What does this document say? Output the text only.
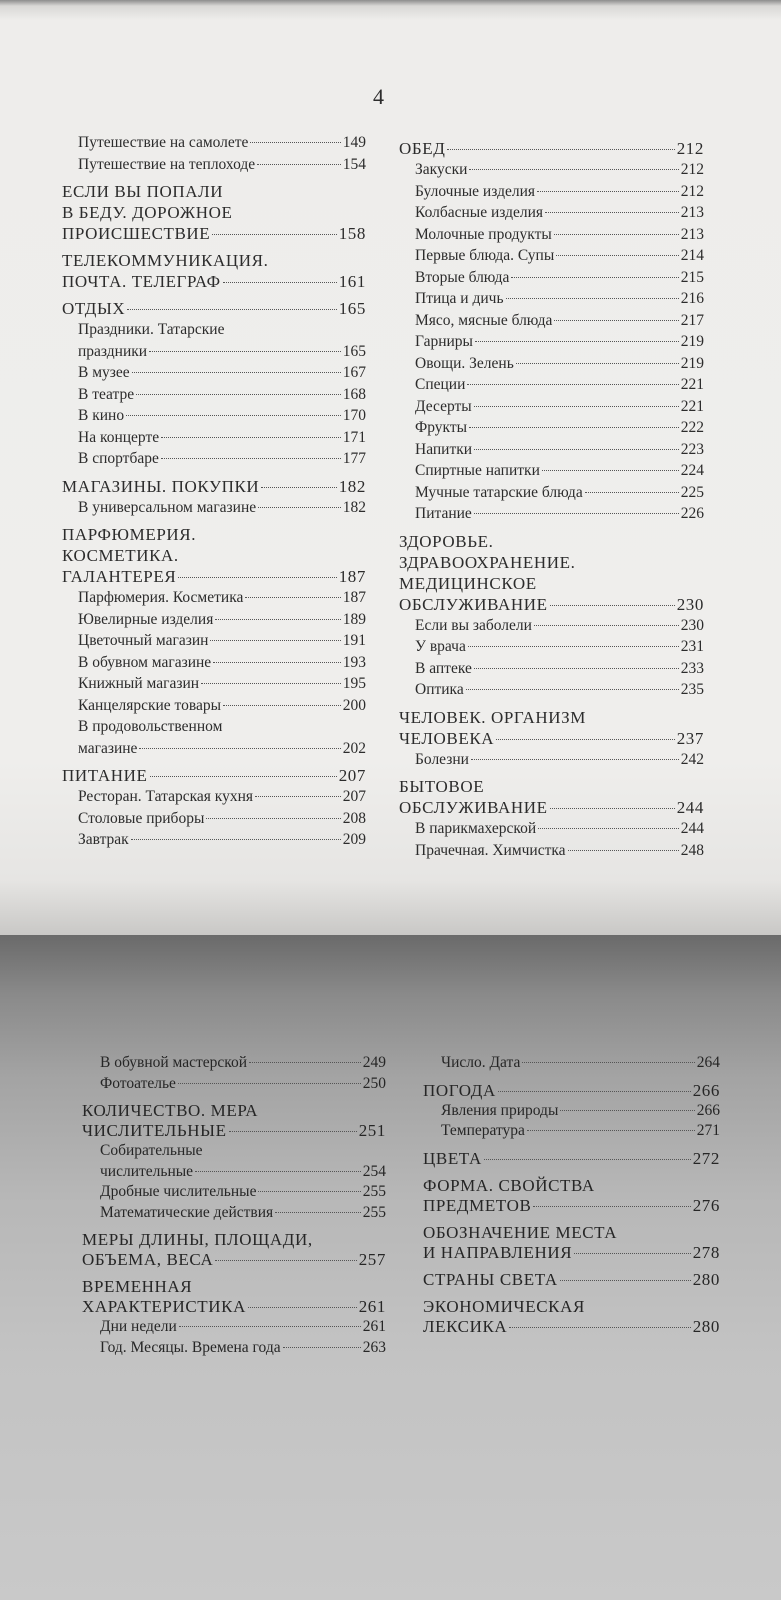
4
Путешествие на самолете	149
Путешествие на теплоходе	154
ЕСЛИ ВЫ ПОПАЛИ
В БЕДУ. ДОРОЖНОЕ
ПРОИСШЕСТВИЕ	158
ТЕЛЕКОММУНИКАЦИЯ.
ПОЧТА. ТЕЛЕГРАФ	161
ОТДЫХ	165
Праздники. Татарские
праздники	165
В музее	167
В театре	168
В кино	170
На концерте	171
В спортбаре	177
МАГАЗИНЫ. ПОКУПКИ	182
В универсальном магазине	182
ПАРФЮМЕРИЯ.
КОСМЕТИКА.
ГАЛАНТЕРЕЯ	187
Парфюмерия. Косметика	187
Ювелирные изделия	189
Цветочный магазин	191
В обувном магазине	193
Книжный магазин	195
Канцелярские товары	200
В продовольственном
магазине	202
ПИТАНИЕ	207
Ресторан. Татарская кухня	207
Столовые приборы	208
Завтрак	209
ОБЕД	212
Закуски	212
Булочные изделия	212
Колбасные изделия	213
Молочные продукты	213
Первые блюда. Супы	214
Вторые блюда	215
Птица и дичь	216
Мясо, мясные блюда	217
Гарниры	219
Овощи. Зелень	219
Специи	221
Десерты	221
Фрукты	222
Напитки	223
Спиртные напитки	224
Мучные татарские блюда	225
Питание	226
ЗДОРОВЬЕ.
ЗДРАВООХРАНЕНИЕ.
МЕДИЦИНСКОЕ
ОБСЛУЖИВАНИЕ	230
Если вы заболели	230
У врача	231
В аптеке	233
Оптика	235
ЧЕЛОВЕК. ОРГАНИЗМ
ЧЕЛОВЕКА	237
Болезни	242
БЫТОВОЕ
ОБСЛУЖИВАНИЕ	244
В парикмахерской	244
Прачечная. Химчистка	248
В обувной мастерской	249
Фотоателье	250
КОЛИЧЕСТВО. МЕРА
ЧИСЛИТЕЛЬНЫЕ	251
Собирательные
числительные	254
Дробные числительные	255
Математические действия	255
МЕРЫ ДЛИНЫ, ПЛОЩАДИ,
ОБЪЕМА, ВЕСА	257
ВРЕМЕННАЯ
ХАРАКТЕРИСТИКА	261
Дни недели	261
Год. Месяцы. Времена года	263
Число. Дата	264
ПОГОДА	266
Явления природы	266
Температура	271
ЦВЕТА	272
ФОРМА. СВОЙСТВА
ПРЕДМЕТОВ	276
ОБОЗНАЧЕНИЕ МЕСТА
И НАПРАВЛЕНИЯ	278
СТРАНЫ СВЕТА	280
ЭКОНОМИЧЕСКАЯ
ЛЕКСИКА	280
